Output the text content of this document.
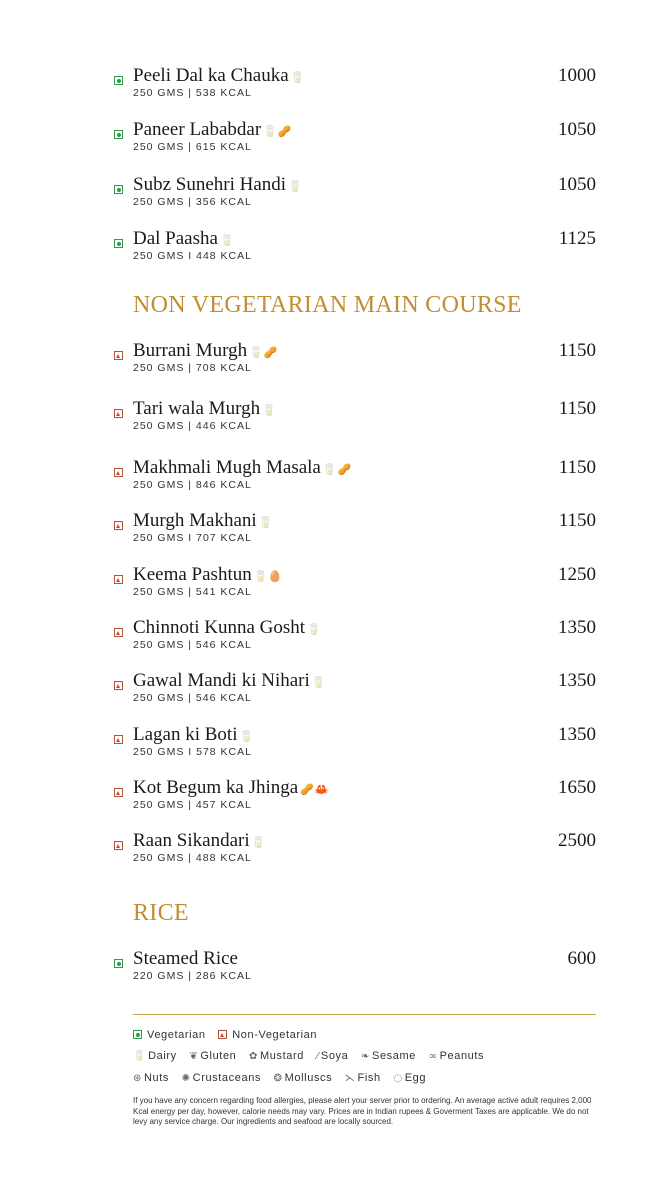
Peeli Dal ka Chauka 🥛
250 GMS | 538 KCAL
1000
Paneer Lababdar 🥛🥜
250 GMS | 615 KCAL
1050
Subz Sunehri Handi 🥛
250 GMS | 356 KCAL
1050
Dal Paasha 🥛
250 GMS I 448 KCAL
1125
NON VEGETARIAN MAIN COURSE
Burrani Murgh 🥛🥜
250 GMS | 708 KCAL
1150
Tari wala Murgh 🥛
250 GMS | 446 KCAL
1150
Makhmali Mugh Masala 🥛🥜
250 GMS | 846 KCAL
1150
Murgh Makhani 🥛
250 GMS I 707 KCAL
1150
Keema Pashtun 🥛🥚
250 GMS | 541 KCAL
1250
Chinnoti Kunna Gosht 🥛
250 GMS | 546 KCAL
1350
Gawal Mandi ki Nihari 🥛
250 GMS | 546 KCAL
1350
Lagan ki Boti 🥛
250 GMS I 578 KCAL
1350
Kot Begum ka Jhinga 🥜🦀
250 GMS | 457 KCAL
1650
Raan Sikandari 🥛
250 GMS | 488 KCAL
2500
RICE
Steamed Rice
220 GMS | 286 KCAL
600
Vegetarian Non-Vegetarian
🥛 Dairy ❦ Gluten ✿ Mustard ⁄ Soya ❧ Sesame ∞ Peanuts
⊛ Nuts ✺ Crustaceans ❂ Molluscs ⋋ Fish ◌ Egg
If you have any concern regarding food allergies, please alert your server prior to ordering. An average active adult requires 2,000 Kcal energy per day, however, calorie needs may vary. Prices are in Indian rupees & Goverment Taxes are applicable. We do not levy any service charge. Our ingredients and seafood are locally sourced.
